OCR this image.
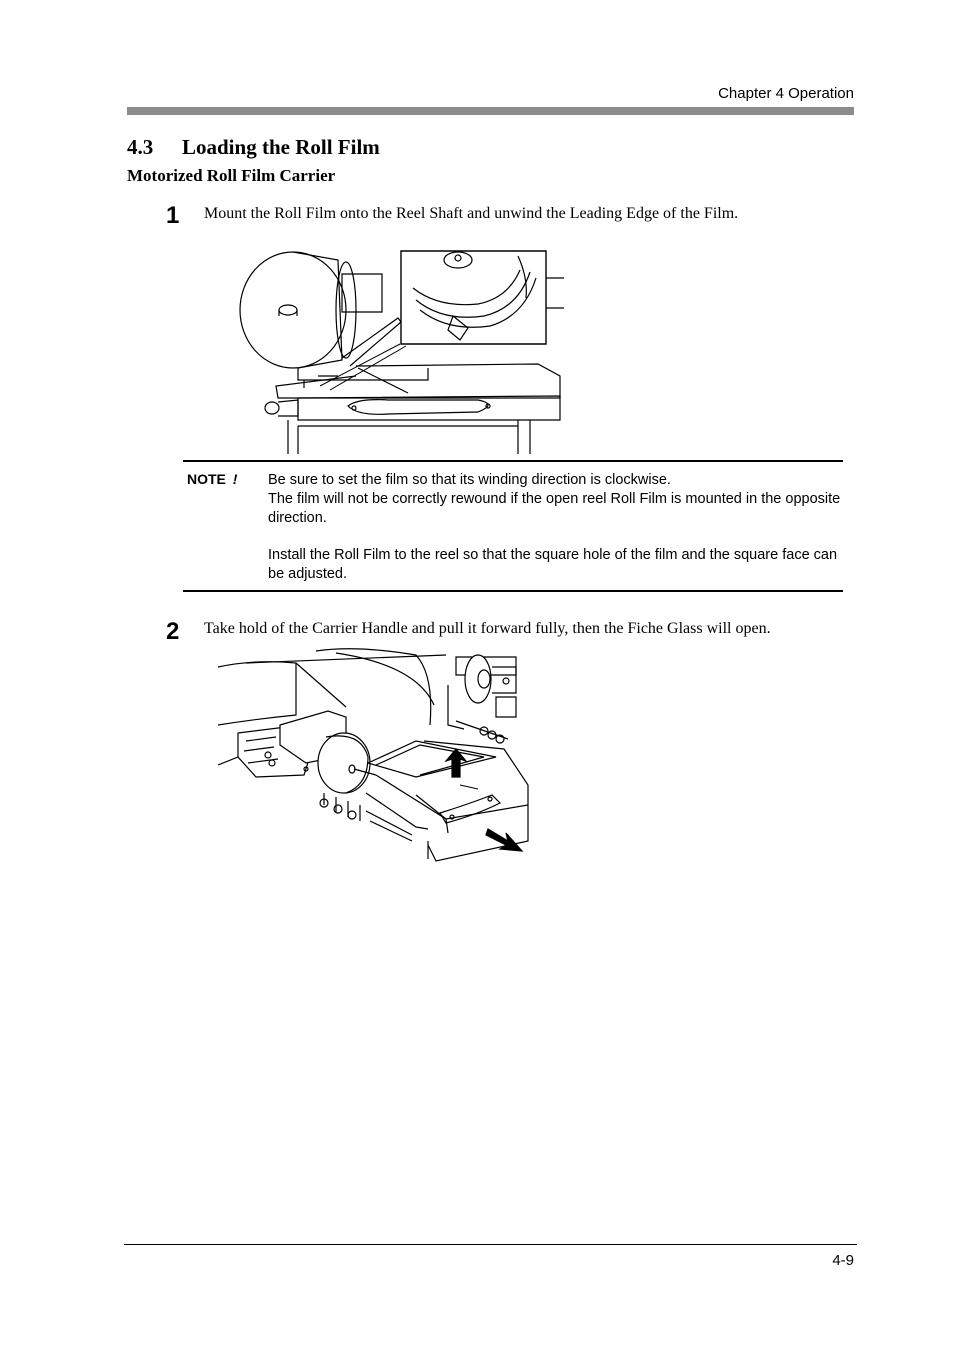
Chapter 4 Operation
4.3 Loading the Roll Film
Motorized Roll Film Carrier
1 Mount the Roll Film onto the Reel Shaft and unwind the Leading Edge of the Film.
NOTE ! Be sure to set the film so that its winding direction is clockwise.

The film will not be correctly rewound if the open reel Roll Film is mounted in the opposite direction.

Install the Roll Film to the reel so that the square hole of the film and the square face can be adjusted.

2 Take hold of the Carrier Handle and pull it forward fully, then the Fiche Glass will open.
4-9
